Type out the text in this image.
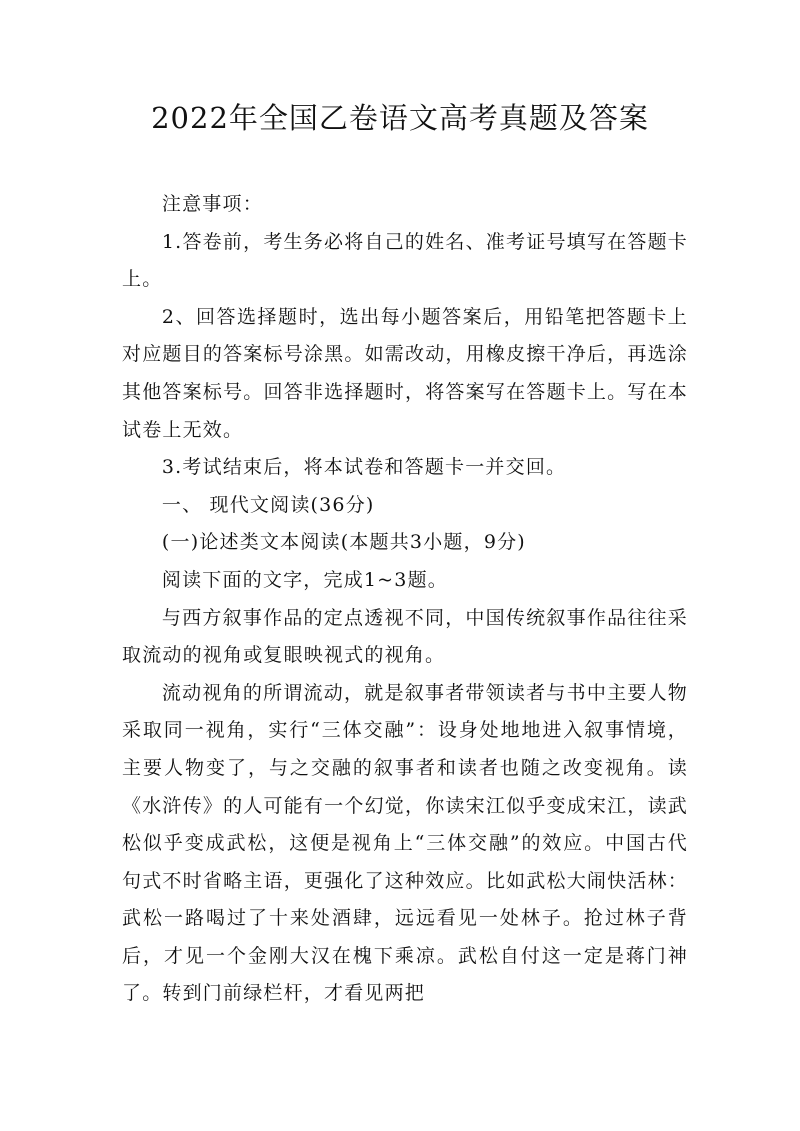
2022年全国乙卷语文高考真题及答案

注意事项：

1.答卷前，考生务必将自己的姓名、准考证号填写在答题卡上。

2、回答选择题时，选出每小题答案后，用铅笔把答题卡上对应题目的答案标号涂黑。如需改动，用橡皮擦干净后，再选涂其他答案标号。回答非选择题时，将答案写在答题卡上。写在本试卷上无效。

3.考试结束后，将本试卷和答题卡一并交回。

一、 现代文阅读(36分)

(一)论述类文本阅读(本题共3小题，9分)

阅读下面的文字，完成1~3题。

与西方叙事作品的定点透视不同，中国传统叙事作品往往采取流动的视角或复眼映视式的视角。

流动视角的所谓流动，就是叙事者带领读者与书中主要人物采取同一视角，实行“三体交融”：设身处地地进入叙事情境，主要人物变了，与之交融的叙事者和读者也随之改变视角。读《水浒传》的人可能有一个幻觉，你读宋江似乎变成宋江，读武松似乎变成武松，这便是视角上“三体交融”的效应。中国古代句式不时省略主语，更强化了这种效应。比如武松大闹快活林：武松一路喝过了十来处酒肆，远远看见一处林子。抢过林子背后，才见一个金刚大汉在槐下乘凉。武松自付这一定是蒋门神了。转到门前绿栏杆，才看见两把
